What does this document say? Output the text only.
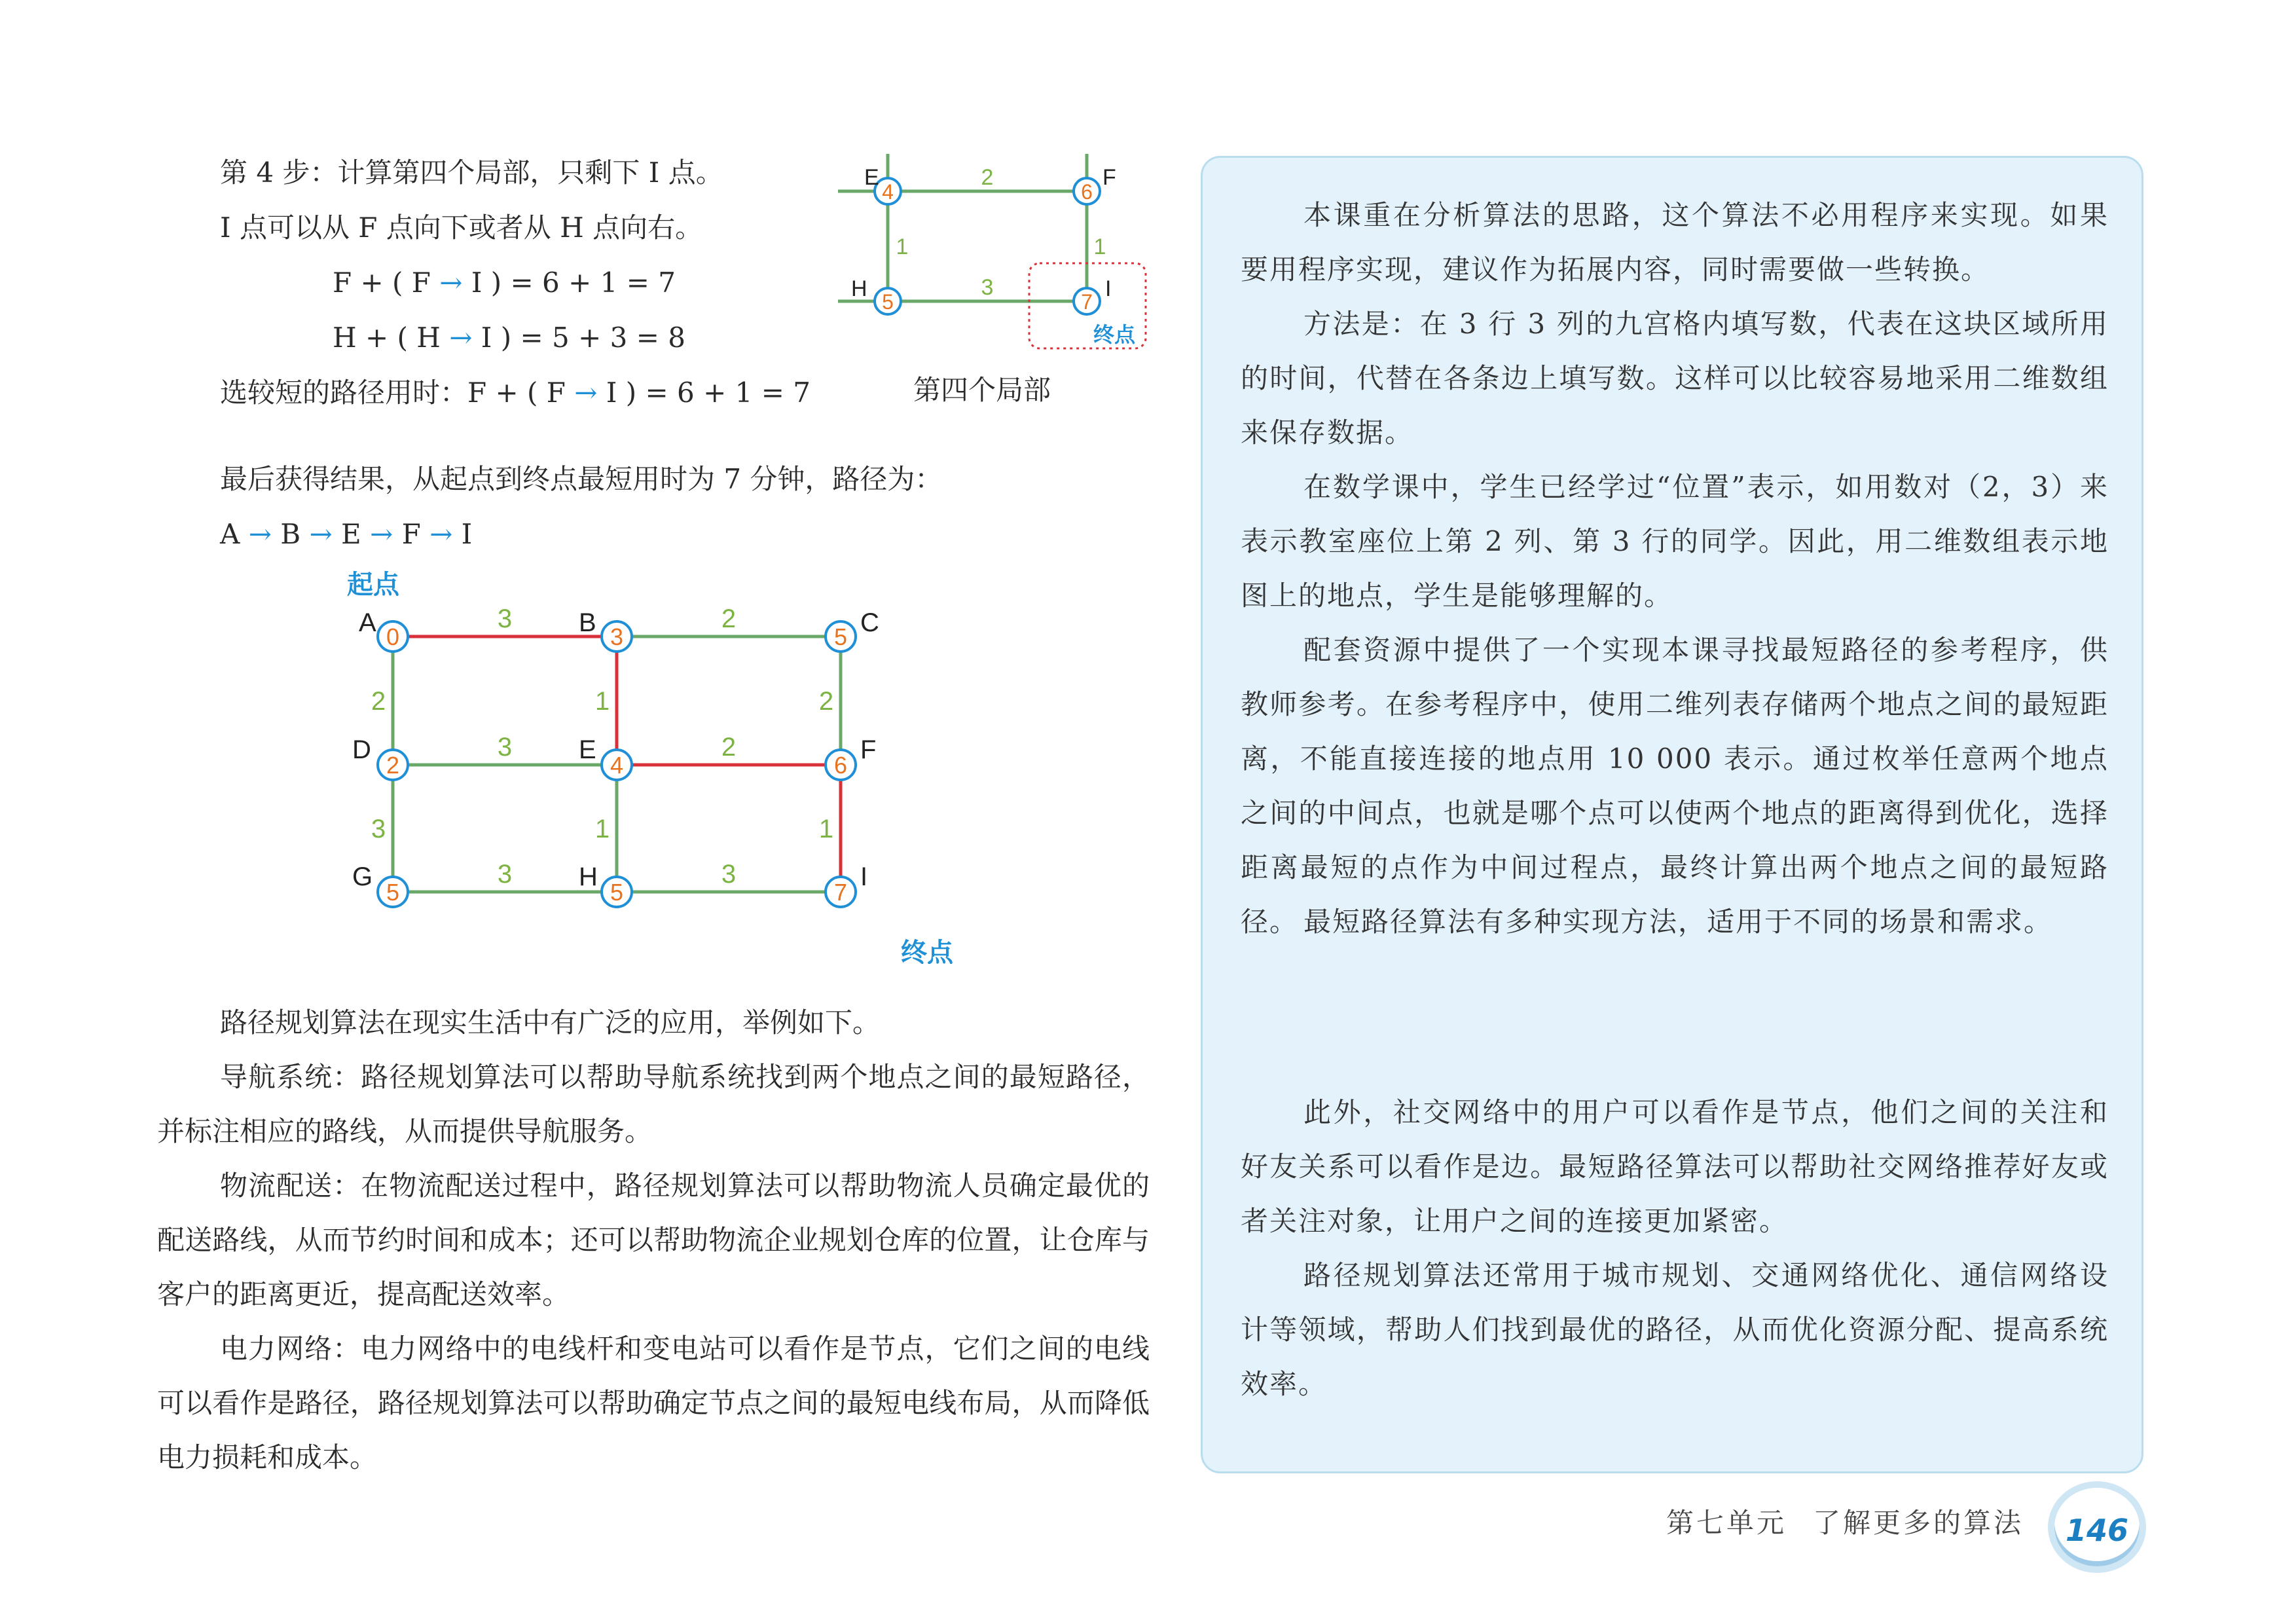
第 4 步：计算第四个局部，只剩下 I 点。

I 点可以从 F 点向下或者从 H 点向右。

F + ( F → I ) = 6 + 1 = 7

H + ( H → I ) = 5 + 3 = 8

选较短的路径用时：F + ( F → I ) = 6 + 1 = 7

2
1	1
3
4	6
5	7
E	F
H	I
终点
第四个局部

最后获得结果，从起点到终点最短用时为 7 分钟，路径为：

A → B → E → F → I

起点
终点
3	2
3	2
3	3
2
3
1
1
2
1
0
A	3
B	5 C
2
D
4
E
6
F
5
G
5
H
7
I

路径规划算法在现实生活中有广泛的应用，举例如下。

导航系统：路径规划算法可以帮助导航系统找到两个地点之间的最短路径，并标注相应的路线，从而提供导航服务。

物流配送：在物流配送过程中，路径规划算法可以帮助物流人员确定最优的配送路线，从而节约时间和成本；还可以帮助物流企业规划仓库的位置，让仓库与客户的距离更近，提高配送效率。

电力网络：电力网络中的电线杆和变电站可以看作是节点，它们之间的电线可以看作是路径，路径规划算法可以帮助确定节点之间的最短电线布局，从而降低电力损耗和成本。

本课重在分析算法的思路，这个算法不必用程序来实现。如果要用程序实现，建议作为拓展内容，同时需要做一些转换。

方法是：在 3 行 3 列的九宫格内填写数，代表在这块区域所用的时间，代替在各条边上填写数。这样可以比较容易地采用二维数组来保存数据。

在数学课中，学生已经学过“位置”表示，如用数对（2，3）来表示教室座位上第 2 列、第 3 行的同学。因此，用二维数组表示地图上的地点，学生是能够理解的。

配套资源中提供了一个实现本课寻找最短路径的参考程序，供教师参考。在参考程序中，使用二维列表存储两个地点之间的最短距离，不能直接连接的地点用 10 000 表示。通过枚举任意两个地点之间的中间点，也就是哪个点可以使两个地点的距离得到优化，选择距离最短的点作为中间过程点，最终计算出两个地点之间的最短路径。 最短路径算法有多种实现方法，适用于不同的场景和需求。

此外，社交网络中的用户可以看作是节点，他们之间的关注和好友关系可以看作是边。最短路径算法可以帮助社交网络推荐好友或者关注对象，让用户之间的连接更加紧密。

路径规划算法还常用于城市规划、交通网络优化、通信网络设计等领域，帮助人们找到最优的路径，从而优化资源分配、提高系统效率。

第七单元 了解更多的算法	146
